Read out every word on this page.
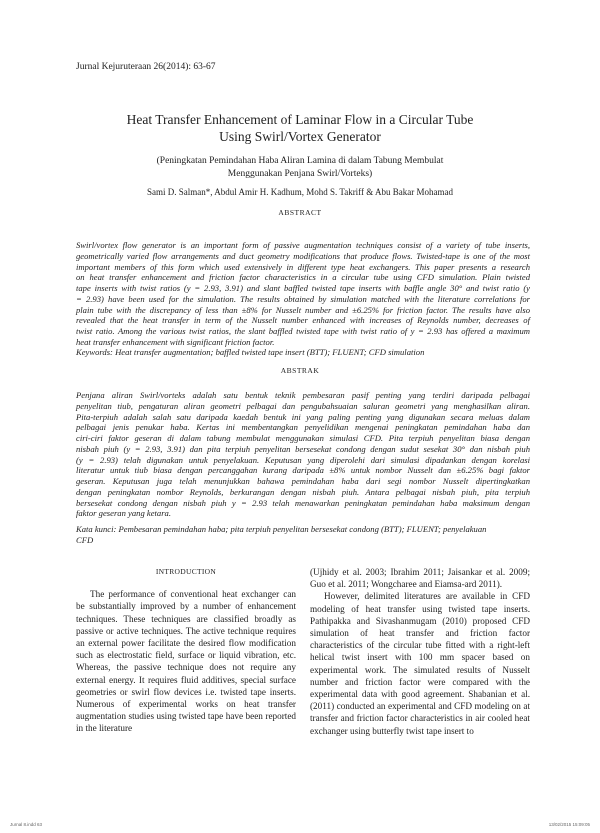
Jurnal Kejuruteraan 26(2014): 63-67
Heat Transfer Enhancement of Laminar Flow in a Circular Tube
Using Swirl/Vortex Generator
(Peningkatan Pemindahan Haba Aliran Lamina di dalam Tabung Membulat
Menggunakan Penjana Swirl/Vorteks)
Sami D. Salman*, Abdul Amir H. Kadhum, Mohd S. Takriff & Abu Bakar Mohamad
ABSTRACT
Swirl/vortex flow generator is an important form of passive augmentation techniques consist of a variety of tube inserts,
geometrically varied flow arrangements and duct geometry modifications that produce flows. Twisted-tape is one of the most
important members of this form which used extensively in different type heat exchangers. This paper presents a research
on heat transfer enhancement and friction factor characteristics in a circular tube using CFD simulation. Plain twisted
tape inserts with twist ratios (y = 2.93, 3.91) and slant baffled twisted tape inserts with baffle angle 30° and twist ratio (y
= 2.93) have been used for the simulation. The results obtained by simulation matched with the literature correlations for
plain tube with the discrepancy of less than ±8% for Nusselt number and ±6.25% for friction factor. The results have also
revealed that the heat transfer in term of the Nusselt number enhanced with increases of Reynolds number, decreases of
twist ratio. Among the various twist ratios, the slant baffled twisted tape with twist ratio of y = 2.93 has offered a maximum
heat transfer enhancement with significant friction factor.
Keywords: Heat transfer augmentation; baffled twisted tape insert (BTT); FLUENT; CFD simulation
ABSTRAK
Penjana aliran Swirl/vorteks adalah satu bentuk teknik pembesaran pasif penting yang terdiri daripada pelbagai
penyelitan tiub, pengaturan aliran geometri pelbagai dan pengubahsuaian saluran geometri yang menghasilkan aliran.
Pita-terpiuh adalah salah satu daripada kaedah bentuk ini yang paling penting yang digunakan secara meluas dalam
pelbagai jenis penukar haba. Kertas ini membentangkan penyelidikan mengenai peningkatan pemindahan haba dan
ciri-ciri faktor geseran di dalam tabung membulat menggunakan simulasi CFD. Pita terpiuh penyelitan biasa dengan
nisbah piuh (y = 2.93, 3.91) dan pita terpiuh penyelitan bersesekat condong dengan sudut sesekat 30° dan nisbah piuh
(y = 2.93) telah digunakan untuk penyelakuan. Keputusan yang diperolehi dari simulasi dipadankan dengan korelasi
literatur untuk tiub biasa dengan percanggahan kurang daripada ±8% untuk nombor Nusselt dan ±6.25% bagi faktor
geseran. Keputusan juga telah menunjukkan bahawa pemindahan haba dari segi nombor Nusselt dipertingkatkan
dengan peningkatan nombor Reynolds, berkurangan dengan nisbah piuh. Antara pelbagai nisbah piuh, pita terpiuh
bersesekat condong dengan nisbah piuh y = 2.93 telah menawarkan peningkatan pemindahan haba maksimum dengan
faktor geseran yang ketara.
Kata kunci: Pembesaran pemindahan haba; pita terpiuh penyelitan bersesekat condong (BTT); FLUENT; penyelakuan
CFD
INTRODUCTION

The performance of conventional heat exchanger can be substantially improved by a number of enhancement techniques. These techniques are classified broadly as passive or active techniques. The active technique requires an external power facilitate the desired flow modification such as electrostatic field, surface or liquid vibration, etc. Whereas, the passive technique does not require any external energy. It requires fluid additives, special surface geometries or swirl flow devices i.e. twisted tape inserts. Numerous of experimental works on heat transfer augmentation studies using twisted tape have been reported in the literature

(Ujhidy et al. 2003; Ibrahim 2011; Jaisankar et al. 2009; Guo et al. 2011; Wongcharee and Eiamsa-ard 2011).

However, delimited literatures are available in CFD modeling of heat transfer using twisted tape inserts. Pathipakka and Sivashanmugam (2010) proposed CFD simulation of heat transfer and friction factor characteristics of the circular tube fitted with a right-left helical twist insert with 100 mm spacer based on experimental work. The simulated results of Nusselt number and friction factor were compared with the experimental data with good agreement. Shabanian et al. (2011) conducted an experimental and CFD modeling on at transfer and friction factor characteristics in air cooled heat exchanger using butterfly twist tape insert to

Jurnal 8.indd 63	13/02/2015 15:09:05
